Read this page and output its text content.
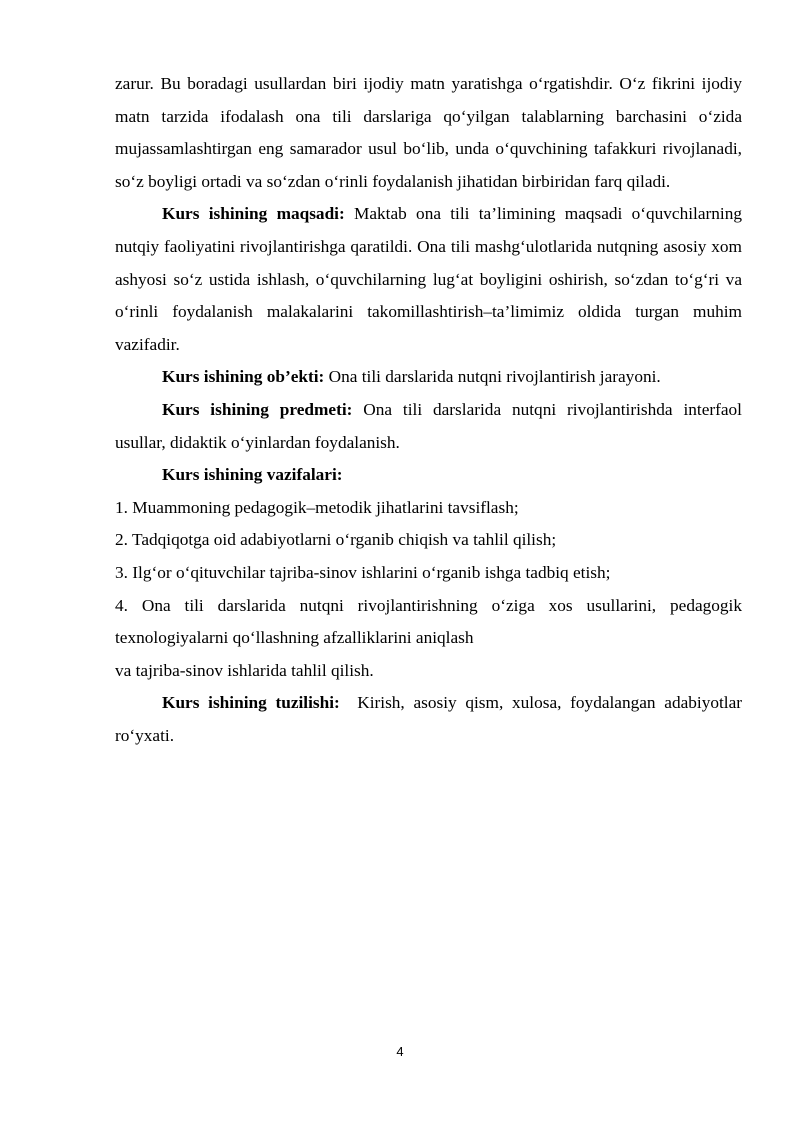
zarur. Bu boradagi usullardan biri ijodiy matn yaratishga o‘rgatishdir. O‘z fikrini ijodiy matn tarzida ifodalash ona tili darslariga qo‘yilgan talablarning barchasini o‘zida mujassamlashtirgan eng samarador usul bo‘lib, unda o‘quvchining tafakkuri rivojlanadi, so‘z boyligi ortadi va so‘zdan o‘rinli foydalanish jihatidan birbiridan farq qiladi.

Kurs ishining maqsadi: Maktab ona tili ta’limining maqsadi o‘quvchilarning nutqiy faoliyatini rivojlantirishga qaratildi. Ona tili mashg‘ulotlarida nutqning asosiy xom ashyosi so‘z ustida ishlash, o‘quvchilarning lug‘at boyligini oshirish, so‘zdan to‘g‘ri va o‘rinli foydalanish malakalarini takomillashtirish–ta’limimiz oldida turgan muhim vazifadir.

Kurs ishining ob’ekti: Ona tili darslarida nutqni rivojlantirish jarayoni.

Kurs ishining predmeti: Ona tili darslarida nutqni rivojlantirishda interfaol usullar, didaktik o‘yinlardan foydalanish.

Kurs ishining vazifalari:

1. Muammoning pedagogik–metodik jihatlarini tavsiflash;

2. Tadqiqotga oid adabiyotlarni o‘rganib chiqish va tahlil qilish;

3. Ilg‘or o‘qituvchilar tajriba-sinov ishlarini o‘rganib ishga tadbiq etish;

4. Ona tili darslarida nutqni rivojlantirishning o‘ziga xos usullarini, pedagogik texnologiyalarni qo‘llashning afzalliklarini aniqlash

va tajriba-sinov ishlarida tahlil qilish.

Kurs ishining tuzilishi:  Kirish, asosiy qism, xulosa, foydalangan adabiyotlar ro‘yxati.

4
